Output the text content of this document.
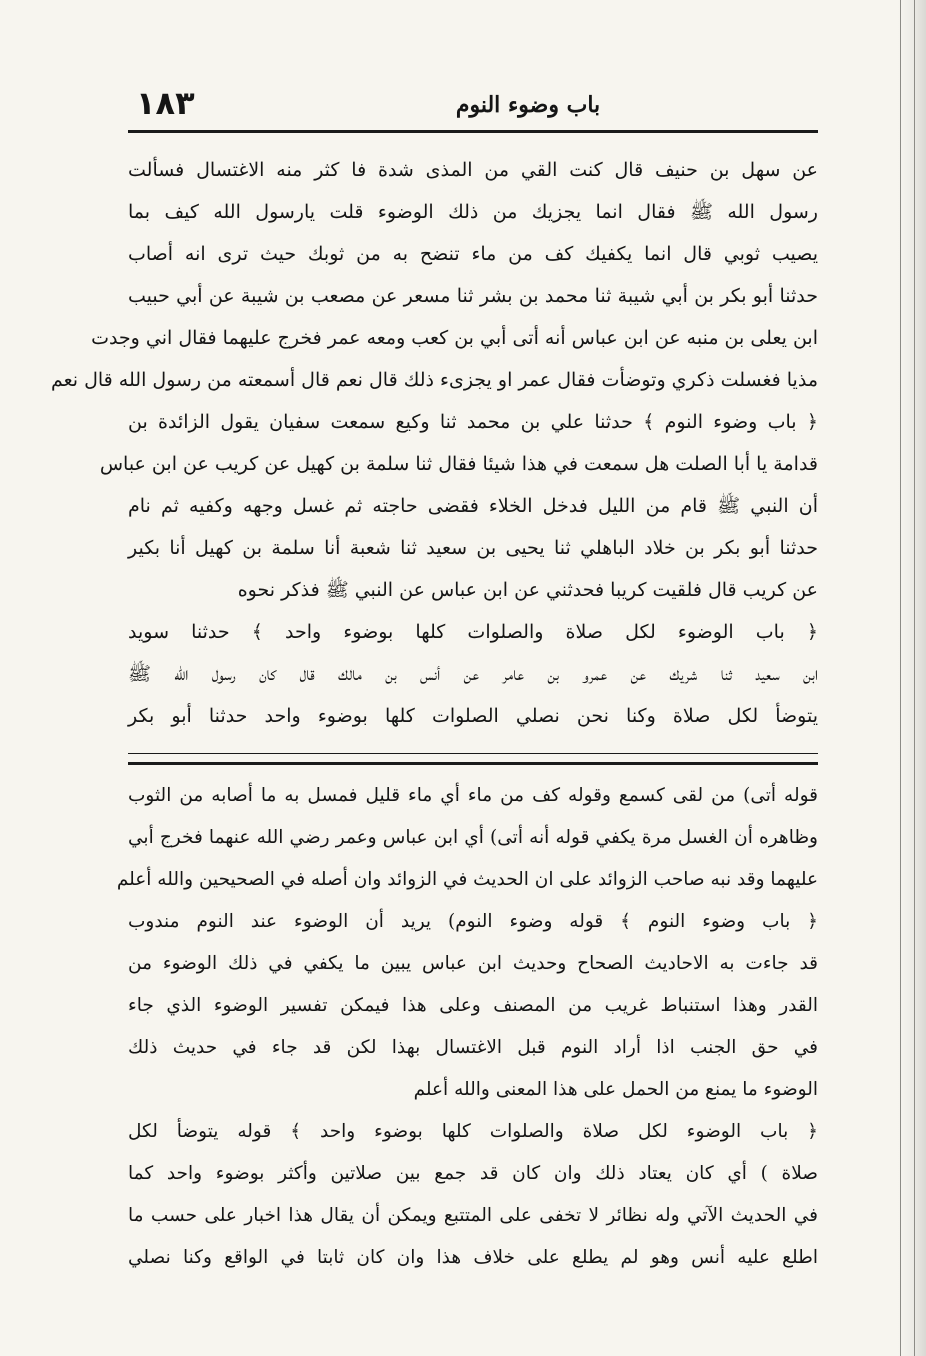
١٨٣	باب وضوء النوم
عن سهل بن حنيف قال كنت القي من المذى شدة فا كثر منه الاغتسال فسألت
رسول الله ﷺ فقال انما يجزيك من ذلك الوضوء قلت يارسول الله كيف بما
يصيب ثوبي قال انما يكفيك كف من ماء تنضح به من ثوبك حيث ترى انه أصاب
حدثنا أبو بكر بن أبي شيبة ثنا محمد بن بشر ثنا مسعر عن مصعب بن شيبة عن أبي حبيب
ابن يعلى بن منبه عن ابن عباس أنه أتى أبي بن كعب ومعه عمر فخرج عليهما فقال اني وجدت
مذيا فغسلت ذكري وتوضأت فقال عمر او يجزىء ذلك قال نعم قال أسمعته من رسول الله قال نعم
﴿ باب وضوء النوم ﴾ حدثنا علي بن محمد ثنا وكيع سمعت سفيان يقول الزائدة بن
قدامة يا أبا الصلت هل سمعت في هذا شيئا فقال ثنا سلمة بن كهيل عن كريب عن ابن عباس
أن النبي ﷺ قام من الليل فدخل الخلاء فقضى حاجته ثم غسل وجهه وكفيه ثم نام
حدثنا أبو بكر بن خلاد الباهلي ثنا يحيى بن سعيد ثنا شعبة أنا سلمة بن كهيل أنا بكير
عن كريب قال فلقيت كريبا فحدثني عن ابن عباس عن النبي ﷺ فذكر نحوه
﴿ باب الوضوء لكل صلاة والصلوات كلها بوضوء واحد ﴾ حدثنا سويد
ابن سعيد ثنا شريك عن عمرو بن عامر عن أنس بن مالك قال كان رسول الله ﷺ
يتوضأ لكل صلاة وكنا نحن نصلي الصلوات كلها بوضوء واحد حدثنا أبو بكر
قوله أتى) من لقى كسمع وقوله كف من ماء أي ماء قليل فمسل به ما أصابه من الثوب
وظاهره أن الغسل مرة يكفي قوله أنه أتى) أي ابن عباس وعمر رضي الله عنهما فخرج أبي
عليهما وقد نبه صاحب الزوائد على ان الحديث في الزوائد وان أصله في الصحيحين والله أعلم
﴿ باب وضوء النوم ﴾ قوله وضوء النوم) يريد أن الوضوء عند النوم مندوب
قد جاءت به الاحاديث الصحاح وحديث ابن عباس يبين ما يكفي في ذلك الوضوء من
القدر وهذا استنباط غريب من المصنف وعلى هذا فيمكن تفسير الوضوء الذي جاء
في حق الجنب اذا أراد النوم قبل الاغتسال بهذا لكن قد جاء في حديث ذلك
الوضوء ما يمنع من الحمل على هذا المعنى والله أعلم
﴿ باب الوضوء لكل صلاة والصلوات كلها بوضوء واحد ﴾ قوله يتوضأ لكل
صلاة ) أي كان يعتاد ذلك وان كان قد جمع بين صلاتين وأكثر بوضوء واحد كما
في الحديث الآتي وله نظائر لا تخفى على المتتبع ويمكن أن يقال هذا اخبار على حسب ما
اطلع عليه أنس وهو لم يطلع على خلاف هذا وان كان ثابتا في الواقع وكنا نصلي
